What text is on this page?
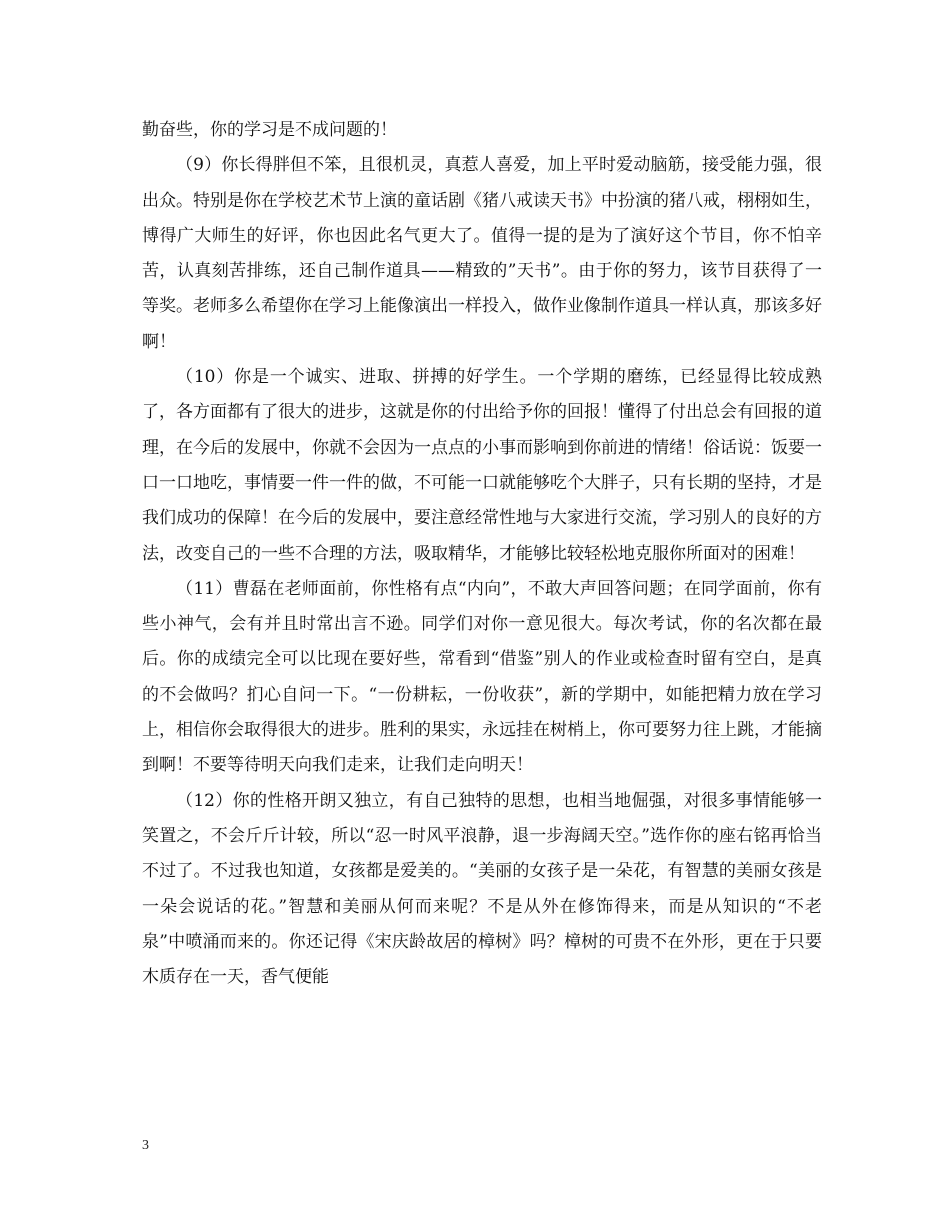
勤奋些，你的学习是不成问题的！

（9）你长得胖但不笨，且很机灵，真惹人喜爱，加上平时爱动脑筋，接受能力强，很出众。特别是你在学校艺术节上演的童话剧《猪八戒读天书》中扮演的猪八戒，栩栩如生，博得广大师生的好评，你也因此名气更大了。值得一提的是为了演好这个节目，你不怕辛苦，认真刻苦排练，还自己制作道具——精致的”天书”。由于你的努力，该节目获得了一等奖。老师多么希望你在学习上能像演出一样投入，做作业像制作道具一样认真，那该多好啊！

（10）你是一个诚实、进取、拼搏的好学生。一个学期的磨练，已经显得比较成熟了，各方面都有了很大的进步，这就是你的付出给予你的回报！懂得了付出总会有回报的道理，在今后的发展中，你就不会因为一点点的小事而影响到你前进的情绪！俗话说：饭要一口一口地吃，事情要一件一件的做，不可能一口就能够吃个大胖子，只有长期的坚持，才是我们成功的保障！在今后的发展中，要注意经常性地与大家进行交流，学习别人的良好的方法，改变自己的一些不合理的方法，吸取精华，才能够比较轻松地克服你所面对的困难！

（11）曹磊在老师面前，你性格有点“内向”，不敢大声回答问题；在同学面前，你有些小神气，会有并且时常出言不逊。同学们对你一意见很大。每次考试，你的名次都在最后。你的成绩完全可以比现在要好些，常看到“借鉴”别人的作业或检查时留有空白，是真的不会做吗？扪心自问一下。“一份耕耘，一份收获”，新的学期中，如能把精力放在学习上，相信你会取得很大的进步。胜利的果实，永远挂在树梢上，你可要努力往上跳，才能摘到啊！不要等待明天向我们走来，让我们走向明天！

（12）你的性格开朗又独立，有自己独特的思想，也相当地倔强，对很多事情能够一笑置之，不会斤斤计较，所以“忍一时风平浪静，退一步海阔天空。”选作你的座右铭再恰当不过了。不过我也知道，女孩都是爱美的。“美丽的女孩子是一朵花，有智慧的美丽女孩是一朵会说话的花。”智慧和美丽从何而来呢？不是从外在修饰得来，而是从知识的“不老泉”中喷涌而来的。你还记得《宋庆龄故居的樟树》吗？樟树的可贵不在外形，更在于只要木质存在一天，香气便能

3
